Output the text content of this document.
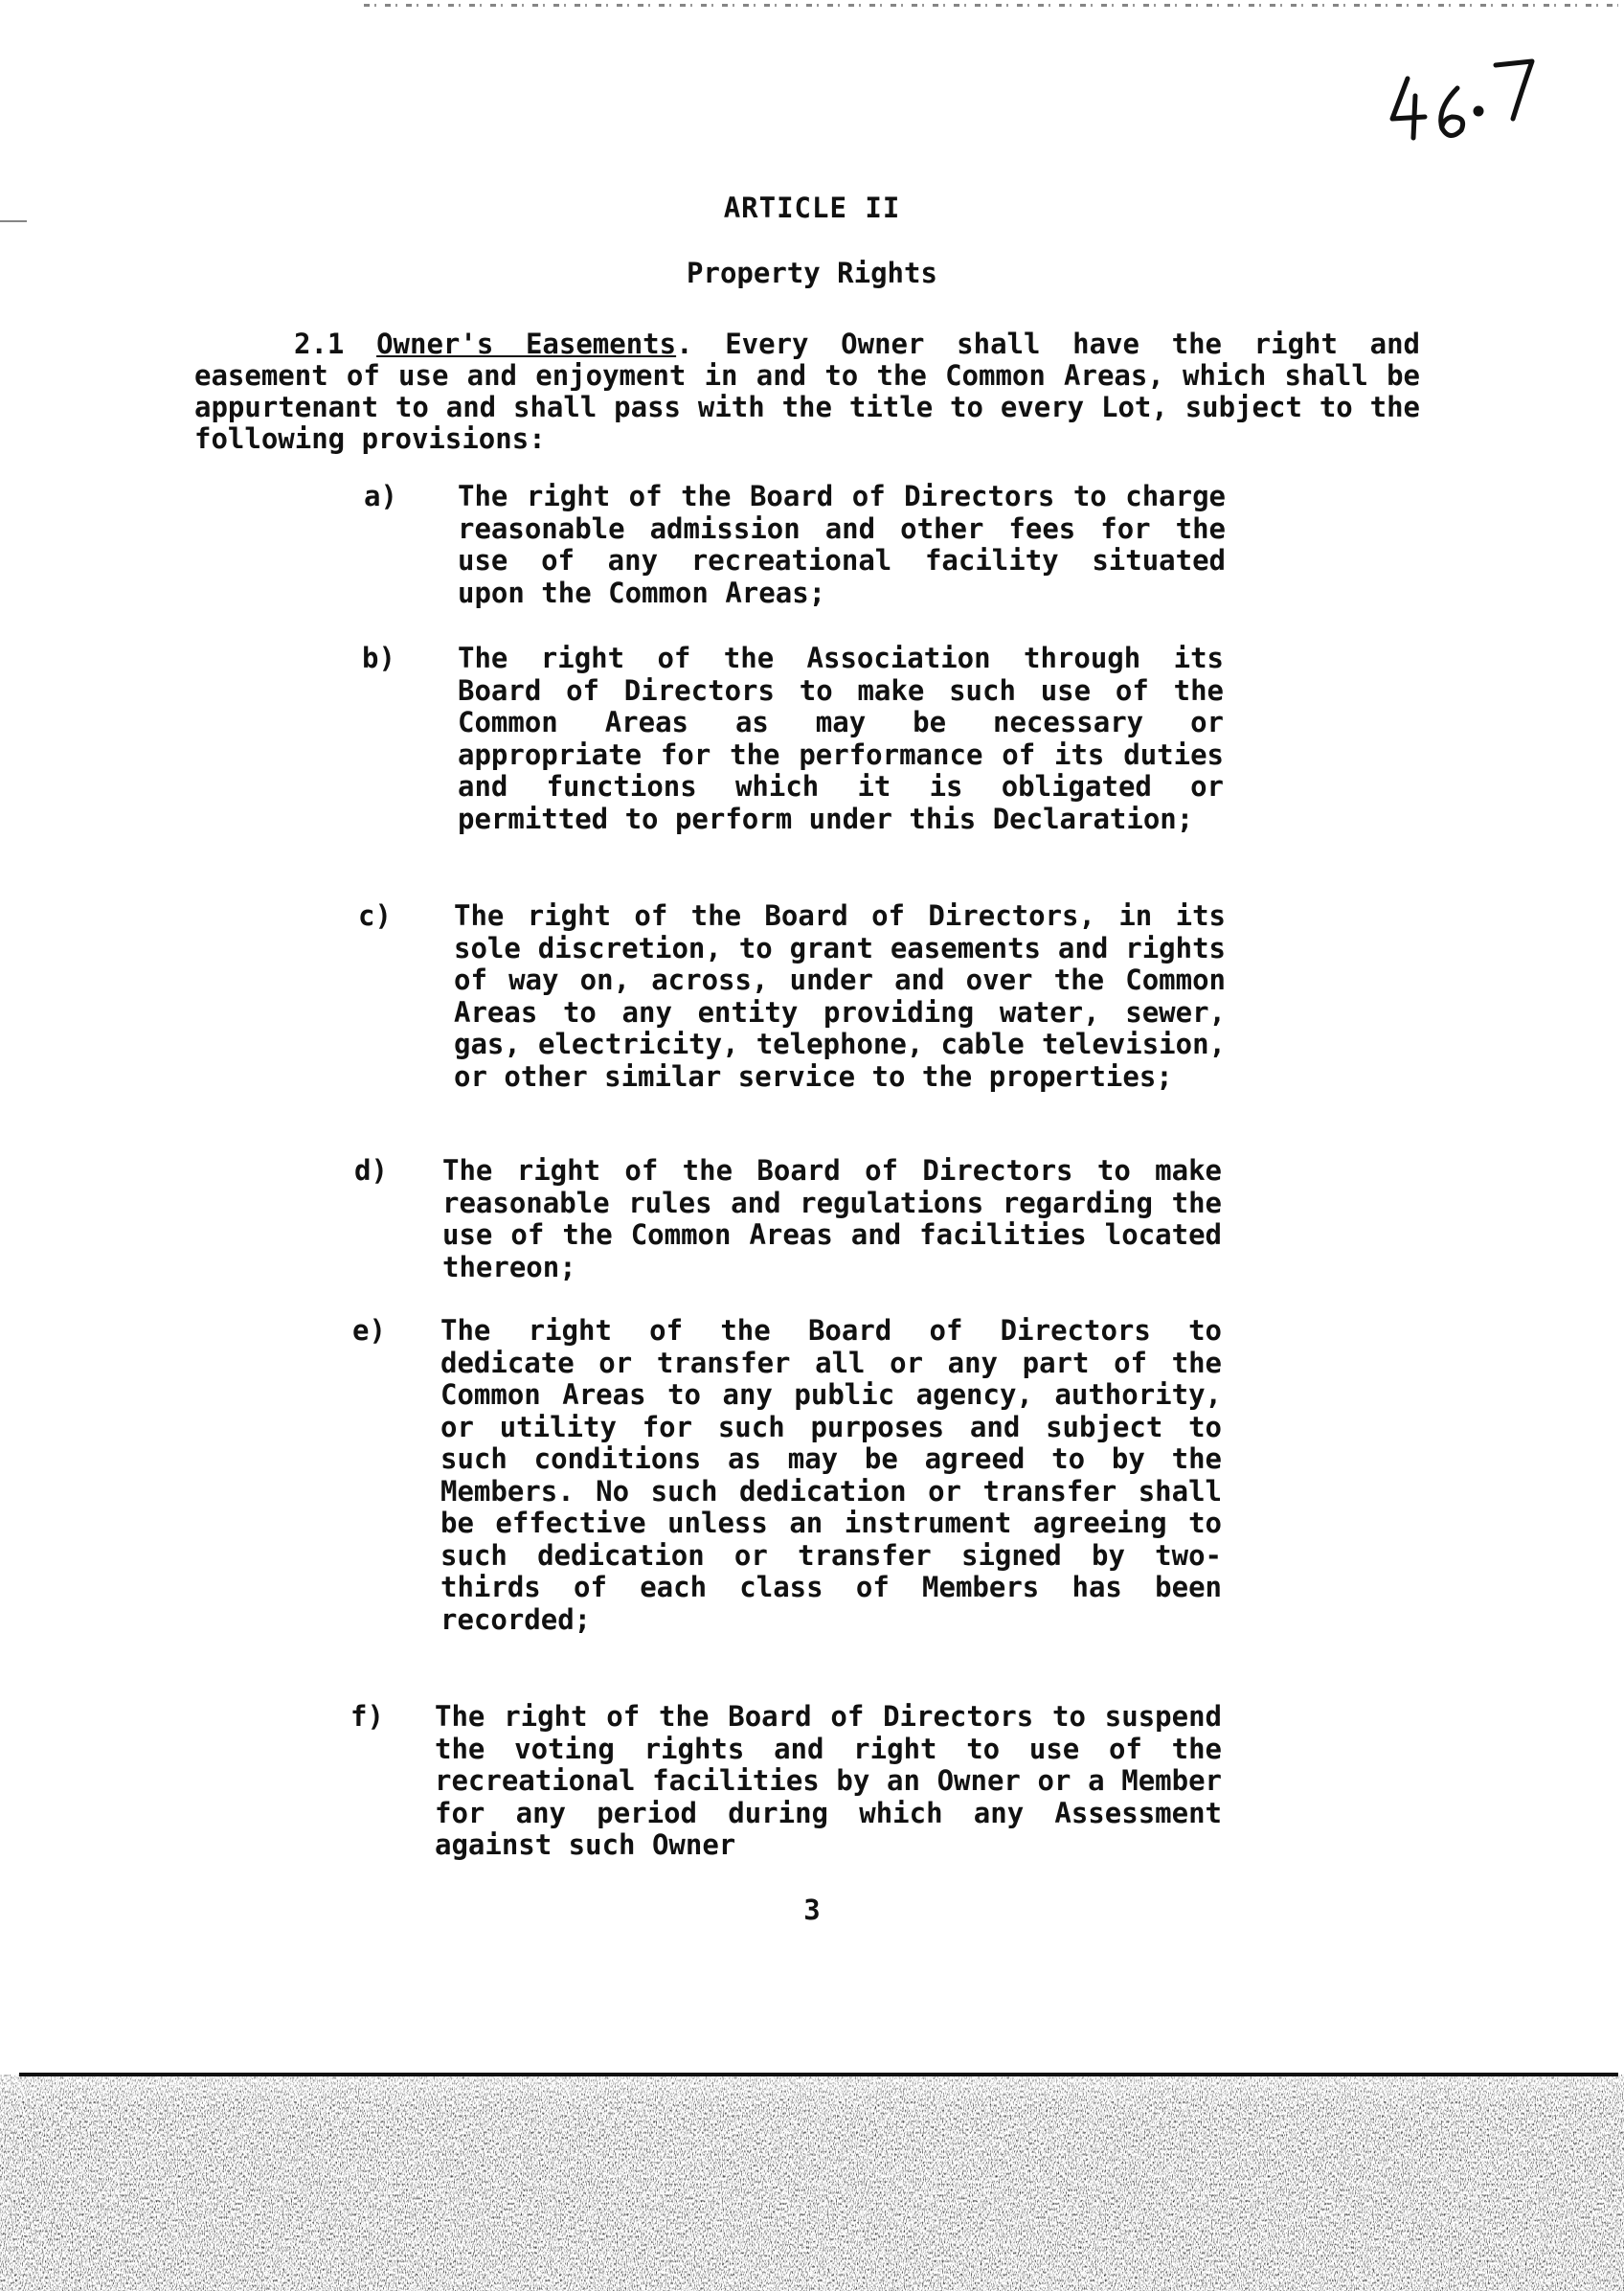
ARTICLE II
Property Rights
2.1 Owner's Easements. Every Owner shall have the right and easement of use and enjoyment in and to the Common Areas, which shall be appurtenant to and shall pass with the title to every Lot, subject to the following provisions:
a) The right of the Board of Directors to charge reasonable admission and other fees for the use of any recreational facility situated upon the Common Areas;
b) The right of the Association through its Board of Directors to make such use of the Common Areas as may be necessary or appropriate for the performance of its duties and functions which it is obligated or permitted to perform under this Declaration;
c) The right of the Board of Directors, in its sole discretion, to grant easements and rights of way on, across, under and over the Common Areas to any entity providing water, sewer, gas, electricity, telephone, cable television, or other similar service to the properties;
d) The right of the Board of Directors to make reasonable rules and regulations regarding the use of the Common Areas and facilities located thereon;
e) The right of the Board of Directors to dedicate or transfer all or any part of the Common Areas to any public agency, authority, or utility for such purposes and subject to such conditions as may be agreed to by the Members. No such dedication or transfer shall be effective unless an instrument agreeing to such dedication or transfer signed by two-thirds of each class of Members has been recorded;
f) The right of the Board of Directors to suspend the voting rights and right to use of the recreational facilities by an Owner or a Member for any period during which any Assessment against such Owner
3
